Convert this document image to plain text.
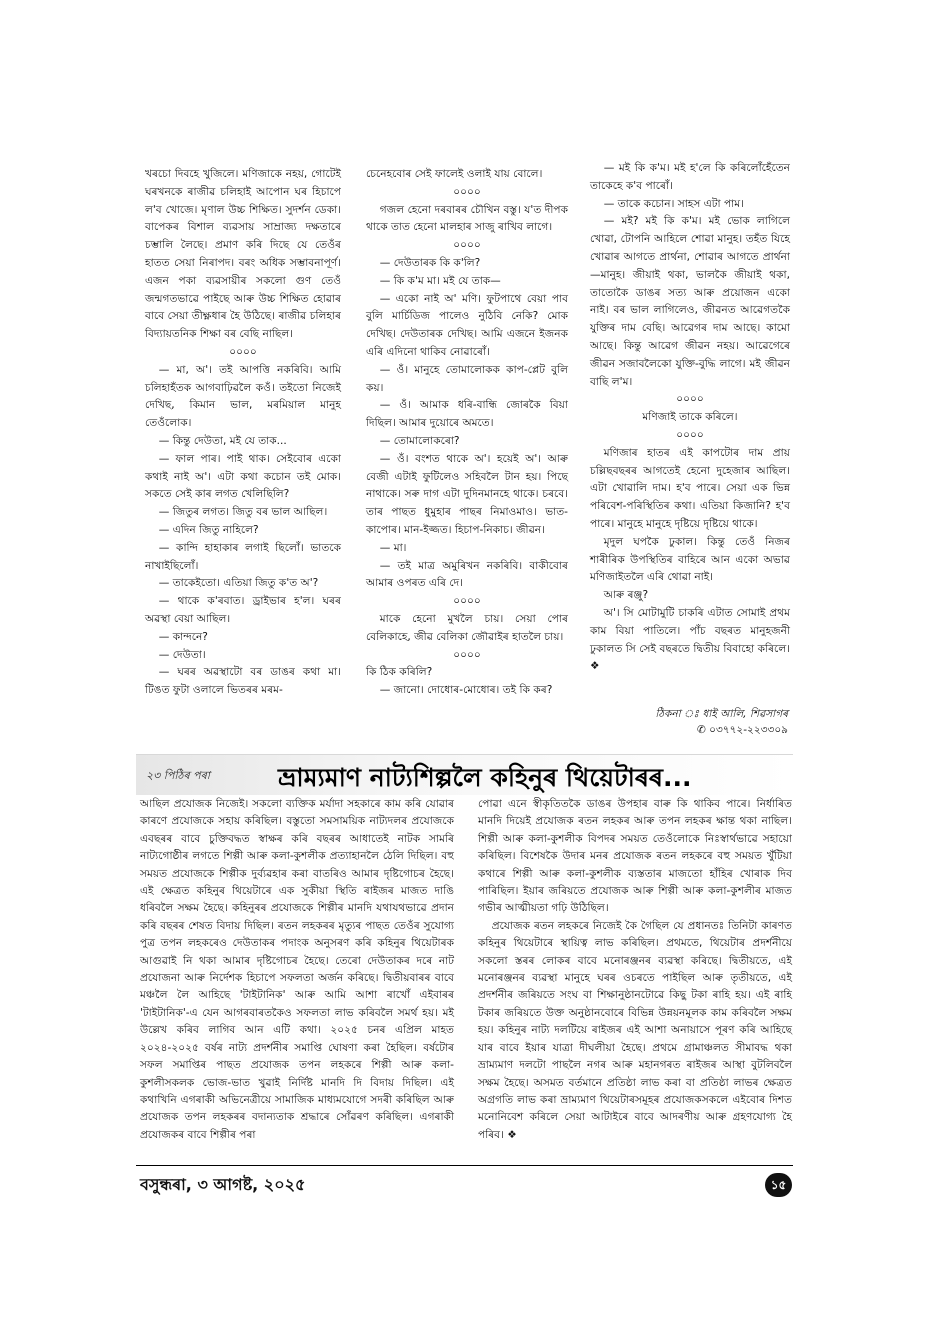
খৰচো দিবহে খুজিলে। মণিজাকে নহয়, গোটেই ঘৰখনকে ৰাজীৱ চলিহাই আপোন ঘৰ হিচাপে ল'ব খোজে। মৃণাল উচ্চ শিক্ষিত। সুদৰ্শন ডেকা। বাপেকৰ বিশাল ব্যৱসায় সাম্ৰাজ্য দক্ষতাৰে চম্ভালি লৈছে। প্ৰমাণ কৰি দিছে যে তেওঁৰ হাতত সেয়া নিৰাপদ। বৰং অধিক সম্ভাবনাপূৰ্ণ। এজন পকা ব্যৱসায়ীৰ সকলো গুণ তেওঁ জন্মগতভাৱে পাইছে আৰু উচ্চ শিক্ষিত হোৱাৰ বাবে সেয়া তীক্ষ্ণধাৰ হৈ উঠিছে। ৰাজীৱ চলিহাৰ বিদ্যায়তনিক শিক্ষা বৰ বেছি নাছিল।

০০০০

— মা, অ'। তই আপত্তি নকৰিবি। আমি চলিহাহঁতক আগবাঢ়িৱলৈ কওঁ। তইতো নিজেই দেখিছ, কিমান ভাল, মৰমিয়াল মানুহ তেওঁলোক।

— কিন্তু দেউতা, মই যে তাক...

— ফাল পাৰ। পাই থাক। সেইবোৰ একো কথাই নাই অ'। এটা কথা কচোন তই মোক। সকতে সেই কাৰ লগত খেলিছিলি?

— জিতুৰ লগত। জিতু বৰ ভাল আছিল।

— এদিন জিতু নাহিলে?

— কান্দি হাহাকাৰ লগাই ছিলোঁ। ভাতকে নাখাইছিলোঁ।

— তাকেইতো। এতিয়া জিতু ক'ত অ'?

— থাকে ক'ৰবাত। ড্ৰাইভাৰ হ'ল। ঘৰৰ অৱস্থা বেয়া আছিল।

— কান্দনে?

— দেউতা।

— ঘৰৰ অৱস্থাটো বৰ ডাঙৰ কথা মা। টিঙত ফুটা ওলালে ভিতৰৰ মৰম-

চেনেহবোৰ সেই ফালেই ওলাই যায় বোলে।

০০০০

গজল হেনো দৰবাৰৰ চৌখিন বস্তু। য'ত দীপক থাকে তাত হেনো মালহাৰ সাজু ৰাখিব লাগে।

০০০০

— দেউতাৰক কি ক'লি?

— কি ক'ম মা। মই যে তাক—

— একো নাই অ' মণি। ফুটপাথে বেয়া পাব বুলি মাৰ্চিডিজ পালেও নুঠিবি নেকি? মোক দেখিছ। দেউতাৰক দেখিছ। আমি এজনে ইজনক এৰি এদিনো থাকিব নোৱাৰোঁ।

— ওঁ। মানুহে তোমালোকক কাপ-প্লেট বুলি কয়।

— ওঁ। আমাক ধৰি-বান্ধি জোৰকৈ বিয়া দিছিল। আমাৰ দুয়োৰে অমতে।

— তোমালোকৰো?

— ওঁ। বংশত থাকে অ'। হয়েই অ'। আৰু বেজী এটাই ফুটিলেও সহিবলৈ টান হয়। পিছে নাথাকে। সৰু দাগ এটা দুদিনমানহে থাকে। চৰবে। তাৰ পাছত ধুমুহাৰ পাছৰ নিমাওমাও। ভাত-কাপোৰ। মান-ইজ্জত। হিচাপ-নিকাচ। জীৱন।

— মা।

— তই মাত্ৰ অমুৰিখন নকৰিবি। বাকীবোৰ আমাৰ ওপৰত এৰি দে।

০০০০

মাকে হেনো মুখলৈ চায়। সেয়া পোৰ বেলিকাহে, জীৱ বেলিকা জৌৱাইৰ হাতলৈ চায়।

০০০০

কি ঠিক কৰিলি?

— জানো। দোধোৰ-মোধোৰ। তই কি কৰ?

— মই কি ক'ম। মই হ'লে কি কৰিলোঁহেঁতেন তাকেহে ক'ব পাৰোঁ।

— তাকে কচোন। সাহস এটা পাম।

— মই? মই কি ক'ম। মই ভোক লাগিলে খোৱা, টোপনি আহিলে শোৱা মানুহ। তহঁত যিহে খোৱাৰ আগতে প্ৰাৰ্থনা, শোৱাৰ আগতে প্ৰাৰ্থনা—মানুহ। জীয়াই থকা, ভালকৈ জীয়াই থকা, তাতোকৈ ডাঙৰ সত্য আৰু প্ৰয়োজন একো নাই। বৰ ভাল লাগিলেও, জীৱনত আৱেগতকৈ যুক্তিৰ দাম বেছি। আৱেগৰ দাম আছে। কামো আছে। কিন্তু আৱেগ জীৱন নহয়। আৱেগেৰে জীৱন সজাবলৈকো যুক্তি-বুদ্ধি লাগে। মই জীৱন বাছি ল'ম।

০০০০

মণিজাই তাকে কৰিলে।

০০০০

মণিজাৰ হাতৰ এই কাপটোৰ দাম প্ৰায় চল্লিছবছৰৰ আগতেই হেনো দুহেজাৰ আছিল। এটা খোৱালি দাম। হ'ব পাৰে। সেয়া এক ভিন্ন পৰিবেশ-পৰিস্থিতিৰ কথা। এতিয়া কিজানি? হ'ব পাৰে। মানুহে মানুহে দৃষ্টিয়ে দৃষ্টিয়ে থাকে।

মৃদুল ঘপকৈ ঢুকাল। কিন্তু তেওঁ নিজৰ শাৰীৰিক উপস্থিতিৰ বাহিৰে আন একো অভাৱ মণিজাইতলৈ এৰি থোৱা নাই।

আৰু ৰঞ্জু?

অ'। সি মোটামুটি চাকৰি এটাত সোমাই প্ৰথম কাম বিয়া পাতিলে। পাঁচ বছৰত মানুহজনী ঢুকালত সি সেই বছৰতে দ্বিতীয় বিবাহো কৰিলে।❖

ঠিকনা ঃ ধাই আলি, শিৱসাগৰ
✆ ০৩৭৭২-২২৩৩০৯
২৩ পিঠিৰ পৰা	ভ্ৰাম্যমাণ নাট্যশিল্পলৈ কহিনুৰ থিয়েটাৰৰ...

আছিল প্ৰযোজক নিজেই। সকলো ব্যক্তিক মৰ্যাদা সহকাৰে কাম কৰি যোৱাৰ কাৰণে প্ৰযোজকে সহায় কৰিছিল। বস্তুতো সমসাময়িক নাট্যদলৰ প্ৰযোজকে এবছৰৰ বাবে চুক্তিবদ্ধত স্বাক্ষৰ কৰি বছৰৰ আধাতেই নাটক সামৰি নাট্যগোষ্ঠীৰ লগতে শিল্পী আৰু কলা-কুশলীক প্ৰত্যাহানলৈ ঠেলি দিছিল। বহু সময়ত প্ৰযোজকে শিল্পীক দুৰ্ব্যৱহাৰ কৰা বাতৰিও আমাৰ দৃষ্টিগোচৰ হৈছে। এই ক্ষেত্ৰত কহিনুৰ থিয়েটাৰে এক সুকীয়া স্থিতি ৰাইজৰ মাজত দাঙি ধৰিবলৈ সক্ষম হৈছে। কহিনুৰৰ প্ৰযোজকে শিল্পীৰ মানদি যথাযথভাৱে প্ৰদান কৰি বছৰৰ শেষত বিদায় দিছিল। ৰতন লহকৰৰ মৃত্যুৰ পাছত তেওঁৰ সুযোগ্য পুত্ৰ তপন লহকৰেও দেউতাকৰ পদাংক অনুসৰণ কৰি কহিনুৰ থিয়েটাৰক আগুৱাই নি থকা আমাৰ দৃষ্টিগোচৰ হৈছে। তেৰো দেউতাকৰ দৰে নাট প্ৰযোজনা আৰু নিৰ্দেশক হিচাপে সফলতা অৰ্জন কৰিছে। দ্বিতীয়বাৰৰ বাবে মঞ্চলৈ লৈ আহিছে 'টাইটানিক' আৰু আমি আশা ৰাখোঁ এইবাৰৰ 'টাইটানিক'-এ যেন আগৰবাৰতকৈও সফলতা লাভ কৰিবলৈ সমৰ্থ হয়। মই উল্লেখ কৰিব লাগিব আন এটি কথা। ২০২৫ চনৰ এপ্ৰিল মাহত ২০২৪-২০২৫ বৰ্ষৰ নাট্য প্ৰদৰ্শনীৰ সমাপ্তি ঘোষণা কৰা হৈছিল। বৰ্ষটোৰ সফল সমাপ্তিৰ পাছত প্ৰযোজক তপন লহকৰে শিল্পী আৰু কলা-কুশলীসকলক ভোজ-ভাত খুৱাই নিৰ্দিষ্ট মানদি দি বিদায় দিছিল। এই কথাখিনি এগৰাকী অভিনেত্ৰীয়ে সামাজিক মাধ্যমযোগে সদৰী কৰিছিল আৰু প্ৰযোজক তপন লহকৰৰ বদান্যতাক শ্ৰদ্ধাৰে সোঁৱৰণ কৰিছিল। এগৰাকী প্ৰযোজকৰ বাবে শিল্পীৰ পৰা

পোৱা এনে স্বীকৃতিতকৈ ডাঙৰ উপহাৰ বাৰু কি থাকিব পাৰে। নিৰ্ধাৰিত মানদি দিয়েই প্ৰযোজক ৰতন লহকৰ আৰু তপন লহকৰ ক্ষান্ত থকা নাছিল। শিল্পী আৰু কলা-কুশলীক বিপদৰ সময়ত তেওঁলোকে নিঃস্বাৰ্থভাৱে সহায়ো কৰিছিল। বিশেষকৈ উদাৰ মনৰ প্ৰযোজক ৰতন লহকৰে বহু সময়ত খুঁটিয়া কথাৰে শিল্পী আৰু কলা-কুশলীক ব্যস্ততাৰ মাজতো হাঁহিৰ খোৰাক দিব পাৰিছিল। ইয়াৰ জৰিয়তে প্ৰযোজক আৰু শিল্পী আৰু কলা-কুশলীৰ মাজত গভীৰ আত্মীয়তা গঢ়ি উঠিছিল।

প্ৰযোজক ৰতন লহকৰে নিজেই কৈ গৈছিল যে প্ৰধানতঃ তিনিটা কাৰণত কহিনুৰ থিয়েটাৰে স্থায়িত্ব লাভ কৰিছিল। প্ৰথমতে, থিয়েটাৰ প্ৰদৰ্শনীয়ে সকলো স্তৰৰ লোকৰ বাবে মনোৰঞ্জনৰ ব্যৱস্থা কৰিছে। দ্বিতীয়তে, এই মনোৰঞ্জনৰ ব্যৱস্থা মানুহে ঘৰৰ ওচৰতে পাইছিল আৰু তৃতীয়তে, এই প্ৰদৰ্শনীৰ জৰিয়তে সংঘ বা শিক্ষানুষ্ঠানটোৱে কিছু টকা ৰাহি হয়। এই ৰাহি টকাৰ জৰিয়তে উক্ত অনুষ্ঠানবোৰে বিভিন্ন উন্নয়নমূলক কাম কৰিবলৈ সক্ষম হয়। কহিনুৰ নাট্য দলটিয়ে ৰাইজৰ এই আশা অনায়াসে পূৰণ কৰি আহিছে যাৰ বাবে ইয়াৰ যাত্ৰা দীঘলীয়া হৈছে। প্ৰথমে গ্ৰামাঞ্চলত সীমাবদ্ধ থকা ভ্ৰাম্যমাণ দলটো পাছলৈ নগৰ আৰু মহানগৰত ৰাইজৰ আস্থা বুটলিবলৈ সক্ষম হৈছে। অসমত বৰ্তমানে প্ৰতিষ্ঠা লাভ কৰা বা প্ৰতিষ্ঠা লাভৰ ক্ষেত্ৰত অগ্ৰগতি লাভ কৰা ভ্ৰাম্যমাণ থিয়েটাৰসমূহৰ প্ৰযোজকসকলে এইবোৰ দিশত মনোনিবেশ কৰিলে সেয়া আটাইৰে বাবে আদৰণীয় আৰু গ্ৰহণযোগ্য হৈ পৰিব। ❖

বসুন্ধৰা, ৩ আগষ্ট, ২০২৫	১৫
